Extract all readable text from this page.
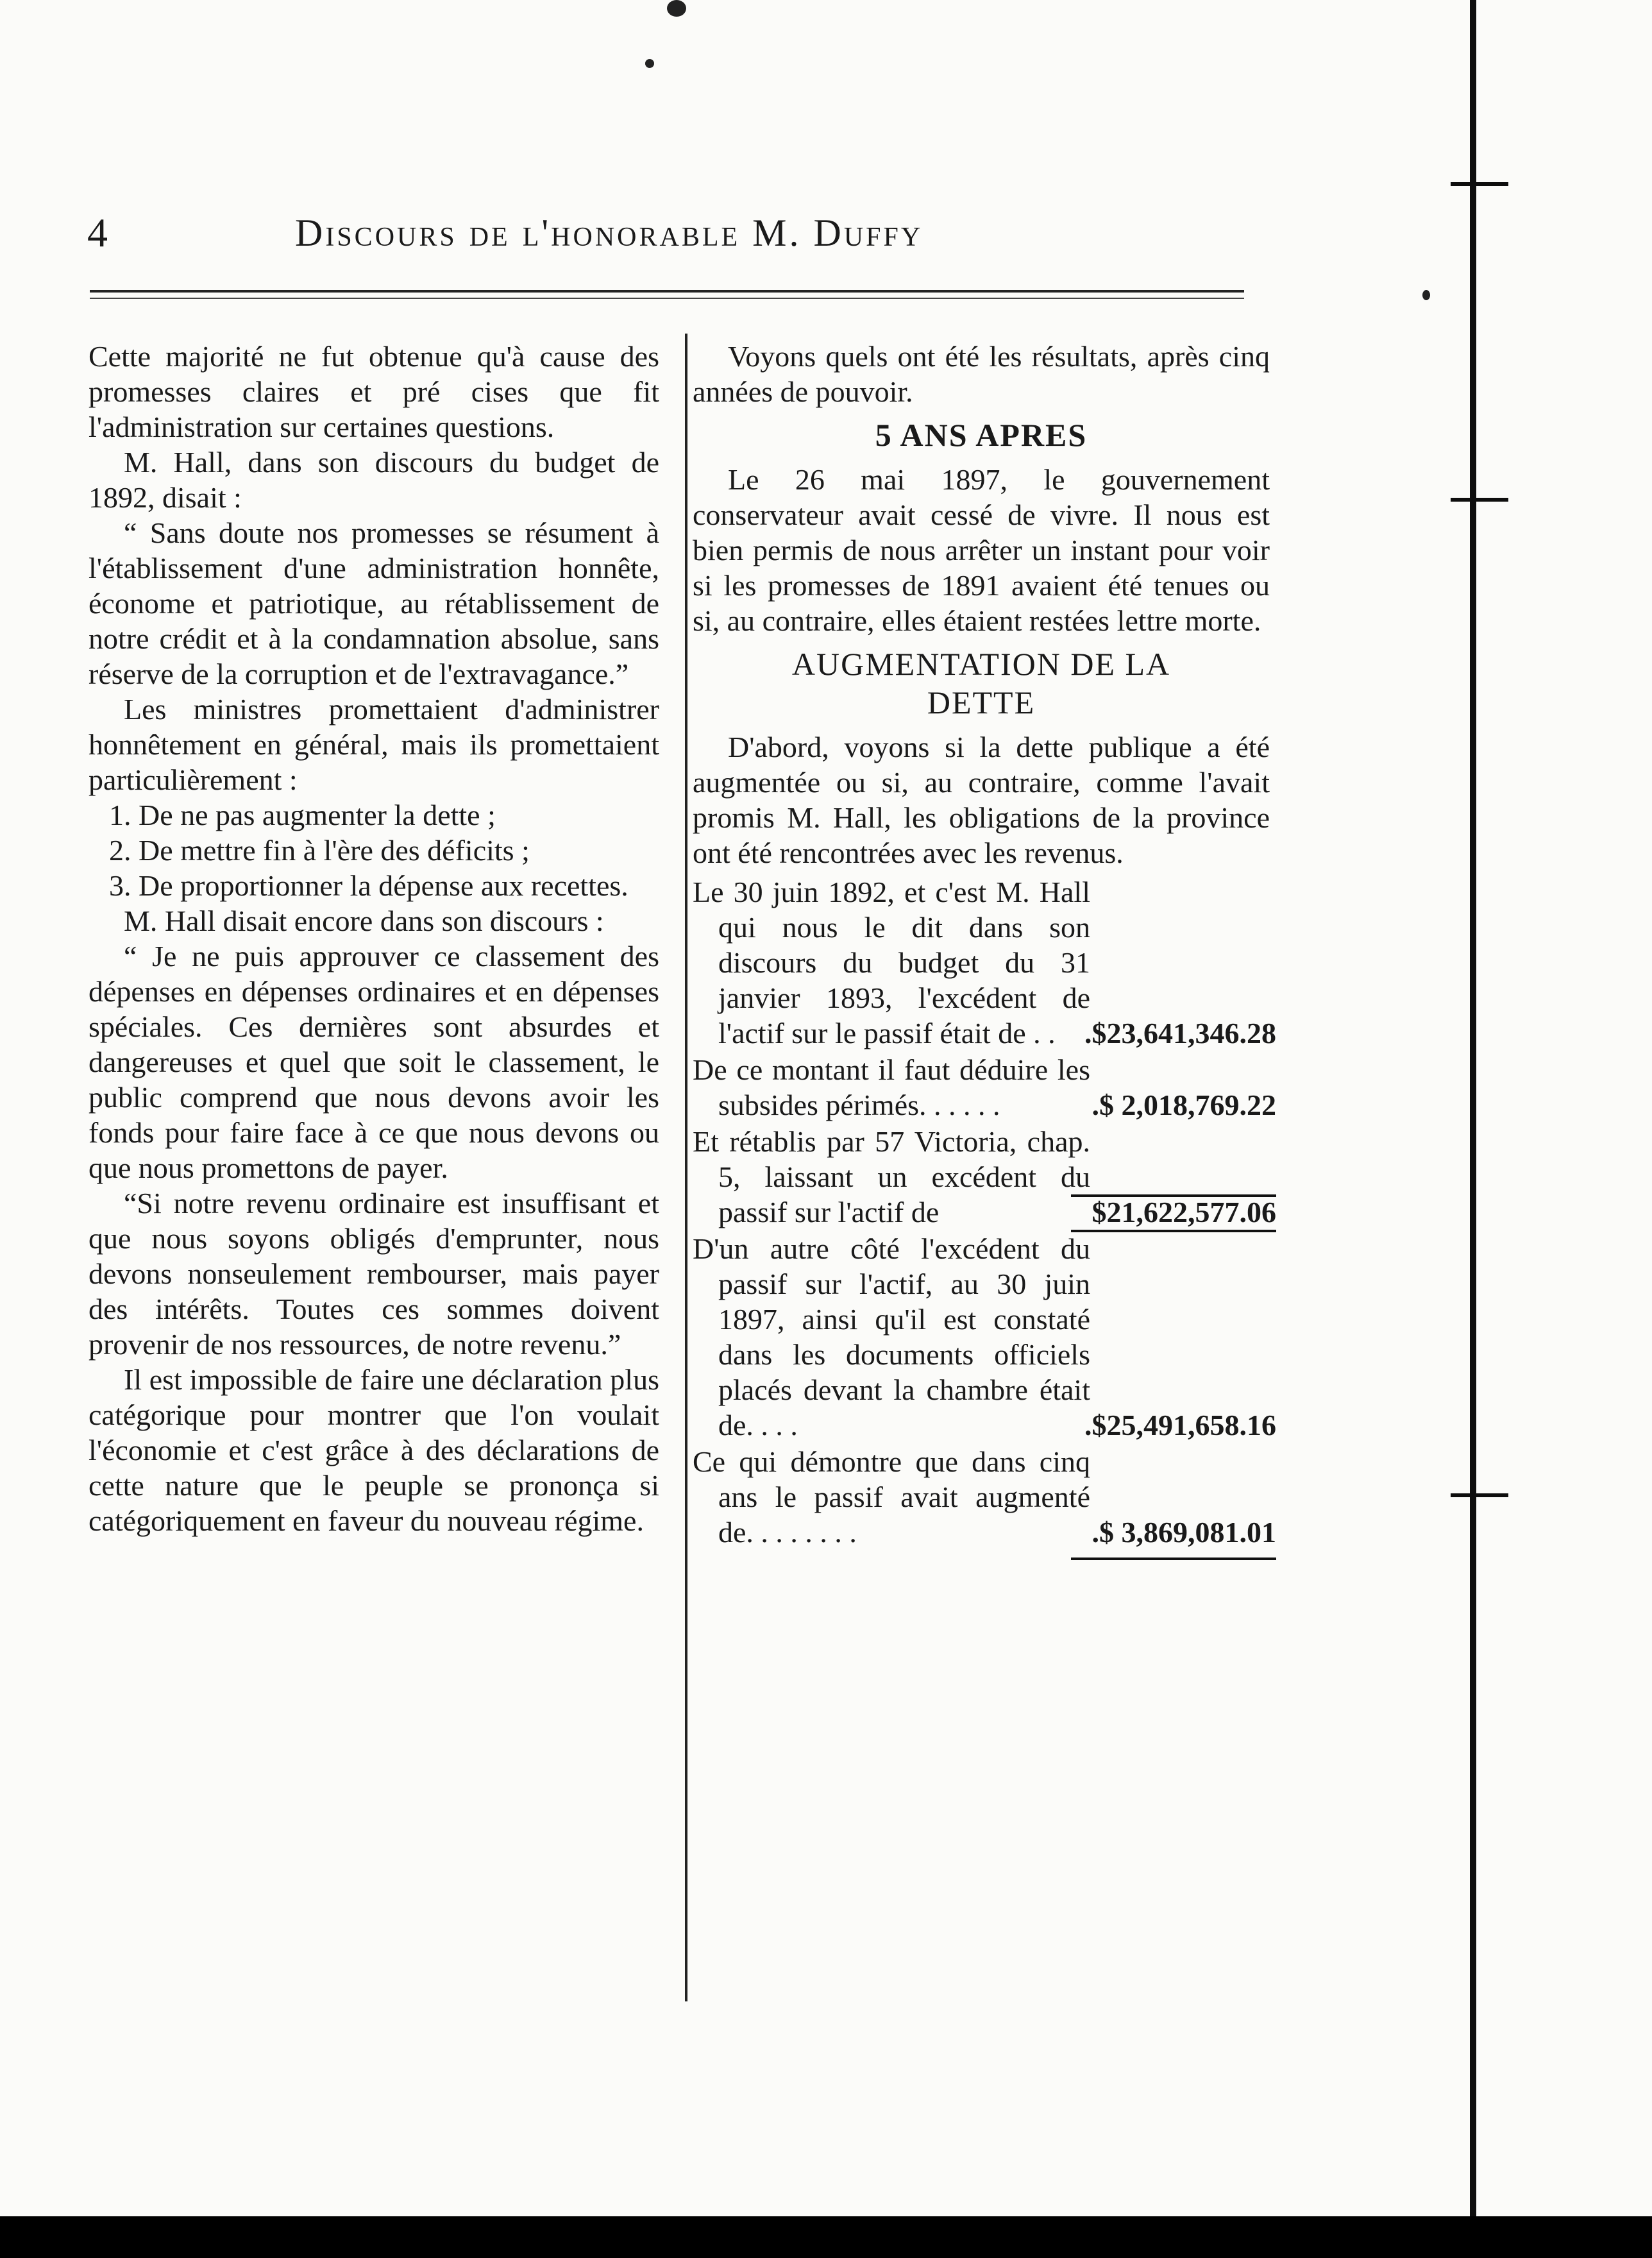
4	Discours de l'honorable M. Duffy

Cette majorité ne fut obtenue qu'à cause des promesses claires et pré cises que fit l'administration sur certaines questions.

M. Hall, dans son discours du budget de 1892, disait :

“ Sans doute nos promesses se résument à l'établissement d'une administration honnête, économe et patriotique, au rétablissement de notre crédit et à la condamnation absolue, sans réserve de la corruption et de l'extravagance.”

Les ministres promettaient d'administrer honnêtement en général, mais ils promettaient particulièrement :

1. De ne pas augmenter la dette ;

2. De mettre fin à l'ère des déficits ;

3. De proportionner la dépense aux recettes.

M. Hall disait encore dans son discours :

“ Je ne puis approuver ce classement des dépenses en dépenses ordinaires et en dépenses spéciales. Ces dernières sont absurdes et dangereuses et quel que soit le classement, le public comprend que nous devons avoir les fonds pour faire face à ce que nous devons ou que nous promettons de payer.

“Si notre revenu ordinaire est insuffisant et que nous soyons obligés d'emprunter, nous devons nonseulement rembourser, mais payer des intérêts. Toutes ces sommes doivent provenir de nos ressources, de notre revenu.”

Il est impossible de faire une déclaration plus catégorique pour montrer que l'on voulait l'économie et c'est grâce à des déclarations de cette nature que le peuple se prononça si catégoriquement en faveur du nouveau régime.

Voyons quels ont été les résultats, après cinq années de pouvoir.

5 ANS APRES

Le 26 mai 1897, le gouvernement conservateur avait cessé de vivre. Il nous est bien permis de nous arrêter un instant pour voir si les promesses de 1891 avaient été tenues ou si, au contraire, elles étaient restées lettre morte.

AUGMENTATION DE LA
DETTE

D'abord, voyons si la dette publique a été augmentée ou si, au contraire, comme l'avait promis M. Hall, les obligations de la province ont été rencontrées avec les revenus.

Le 30 juin 1892, et c'est M. Hall qui nous le dit dans son discours du budget du 31 janvier 1893, l'excédent de l'actif sur le passif était de . . .$23,641,346.28
De ce montant il faut déduire les subsides périmés. . . . . .	.$ 2,018,769.22
Et rétablis par 57 Victoria, chap. 5, laissant un excédent du passif sur l'actif de	$21,622,577.06
D'un autre côté l'excédent du passif sur l'actif, au 30 juin 1897, ainsi qu'il est constaté dans les documents officiels placés devant la chambre était de. . . .	.$25,491,658.16
Ce qui démontre que dans cinq ans le passif avait augmenté de. . . . . . . .	.$ 3,869,081.01
